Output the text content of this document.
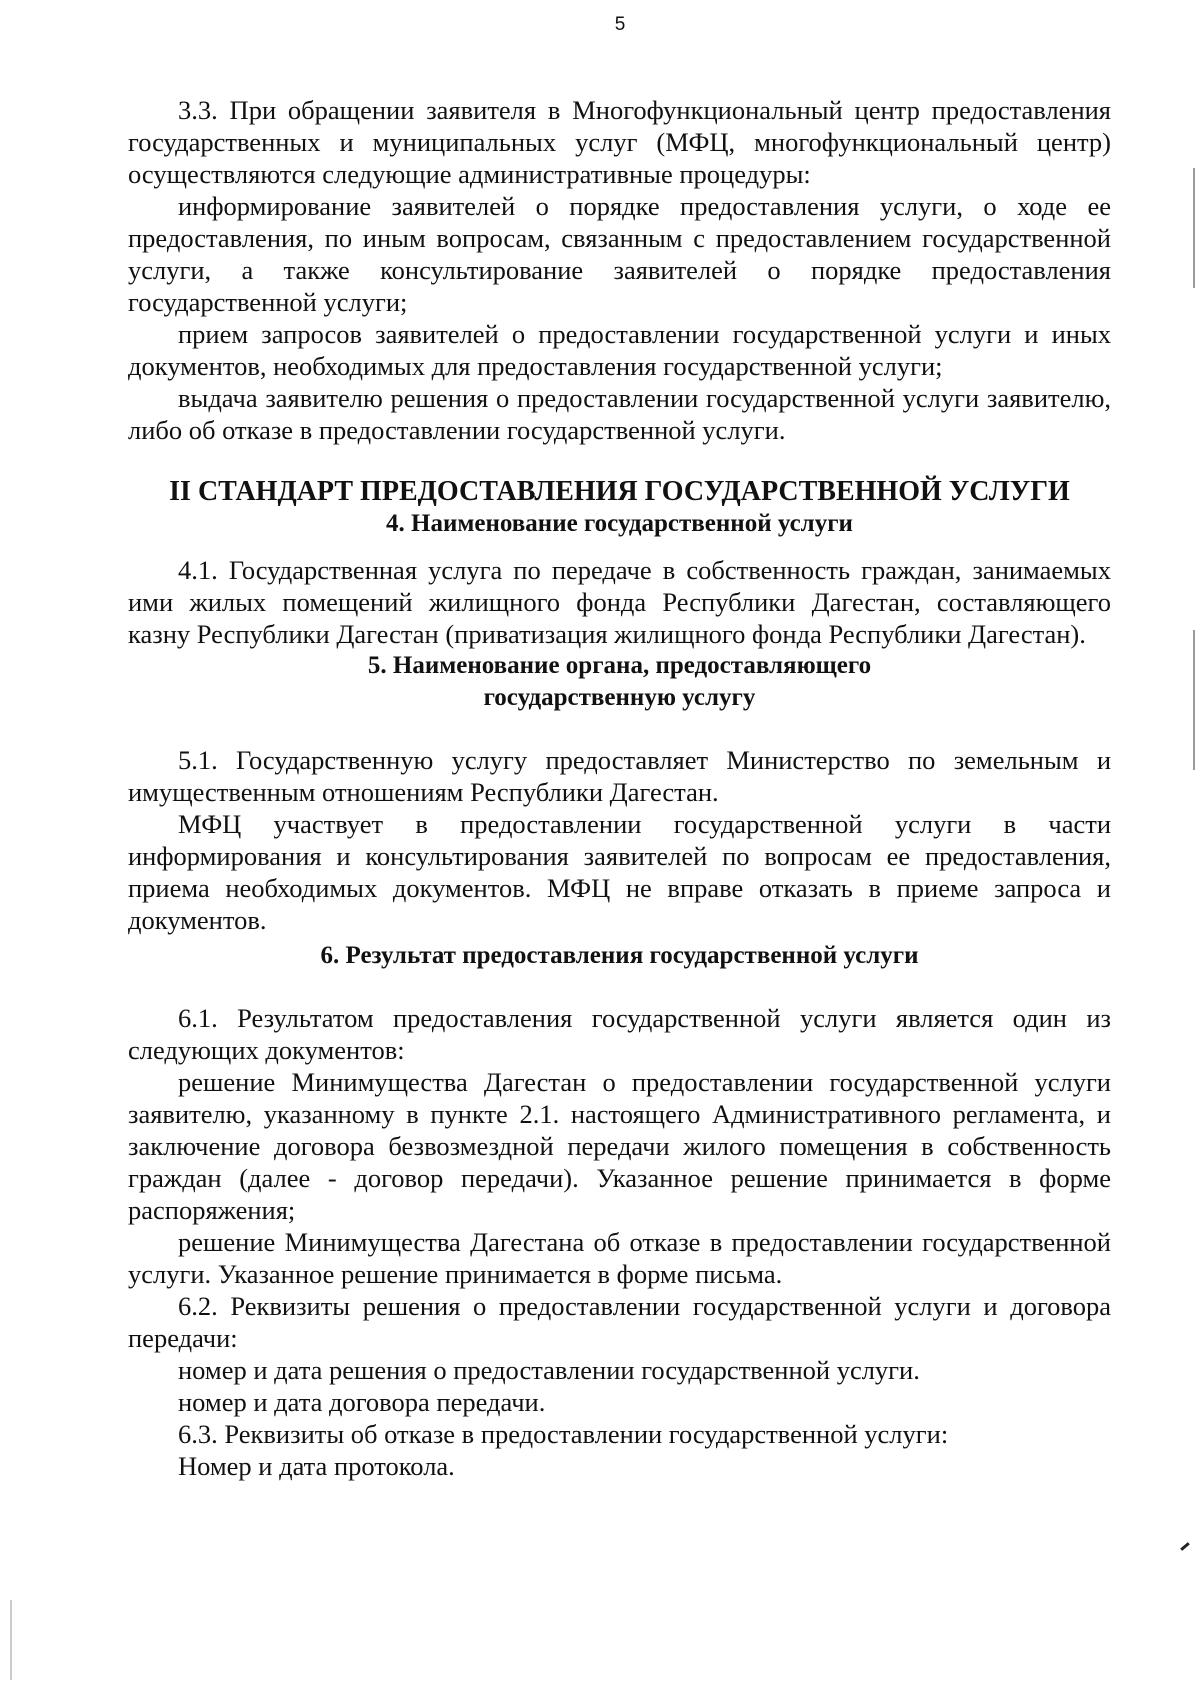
5

3.3. При обращении заявителя в Многофункциональный центр предоставления государственных и муниципальных услуг (МФЦ, многофункциональный центр) осуществляются следующие административные процедуры:

информирование заявителей о порядке предоставления услуги, о ходе ее предоставления, по иным вопросам, связанным с предоставлением государственной услуги, а также консультирование заявителей о порядке предоставления государственной услуги;

прием запросов заявителей о предоставлении государственной услуги и иных документов, необходимых для предоставления государственной услуги;

выдача заявителю решения о предоставлении государственной услуги заявителю, либо об отказе в предоставлении государственной услуги.

II СТАНДАРТ ПРЕДОСТАВЛЕНИЯ ГОСУДАРСТВЕННОЙ УСЛУГИ

4. Наименование государственной услуги

4.1. Государственная услуга по передаче в собственность граждан, занимаемых ими жилых помещений жилищного фонда Республики Дагестан, составляющего казну Республики Дагестан (приватизация жилищного фонда Республики Дагестан).

5. Наименование органа, предоставляющего

государственную услугу

5.1. Государственную услугу предоставляет Министерство по земельным и имущественным отношениям Республики Дагестан.

МФЦ участвует в предоставлении государственной услуги в части информирования и консультирования заявителей по вопросам ее предоставления, приема необходимых документов. МФЦ не вправе отказать в приеме запроса и документов.

6. Результат предоставления государственной услуги

6.1. Результатом предоставления государственной услуги является один из следующих документов:

решение Минимущества Дагестан о предоставлении государственной услуги заявителю, указанному в пункте 2.1. настоящего Административного регламента, и заключение договора безвозмездной передачи жилого помещения в собственность граждан (далее - договор передачи). Указанное решение принимается в форме распоряжения;

решение Минимущества Дагестана об отказе в предоставлении государственной услуги. Указанное решение принимается в форме письма.

6.2. Реквизиты решения о предоставлении государственной услуги и договора передачи:

номер и дата решения о предоставлении государственной услуги.

номер и дата договора передачи.

6.3. Реквизиты об отказе в предоставлении государственной услуги:

Номер и дата протокола.
